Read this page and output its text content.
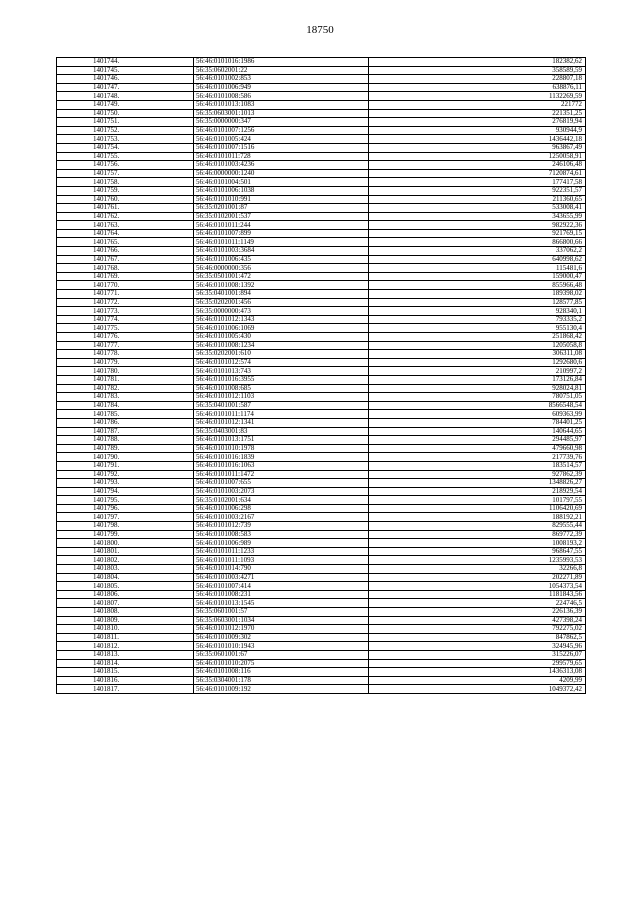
18750
1401744.	56:46:0101016:1986	182382,62
1401745.	56:35:0602001:22	358589,59
1401746.	56:46:0101002:853	228807,18
1401747.	56:46:0101006:949	638876,11
1401748.	56:46:0101008:586	1132269,59
1401749.	56:46:0101013:1083	221772
1401750.	56:35:0603001:1013	221351,25
1401751.	56:35:0000000:347	276819,94
1401752.	56:46:0101007:1256	930944,9
1401753.	56:46:0101005:424	1436442,18
1401754.	56:46:0101007:1516	963867,49
1401755.	56:46:0101011:728	1250058,91
1401756.	56:46:0101003:4236	246106,48
1401757.	56:46:0000000:1240	7120874,61
1401758.	56:46:0101004:501	177417,58
1401759.	56:46:0101006:1038	922351,57
1401760.	56:46:0101010:991	211360,65
1401761.	56:35:0201001:87	533008,41
1401762.	56:35:0102001:537	343655,99
1401763.	56:46:0101011:244	982922,36
1401764.	56:46:0101007:899	921769,15
1401765.	56:46:0101011:1149	866800,66
1401766.	56:46:0101003:3684	337062,2
1401767.	56:46:0101006:435	640998,62
1401768.	56:46:0000000:356	115481,6
1401769.	56:35:0501001:472	159000,47
1401770.	56:46:0101008:1392	855966,48
1401771.	56:35:0401001:894	189398,02
1401772.	56:35:0202001:456	128577,85
1401773.	56:35:0000000:473	928340,1
1401774.	56:46:0101012:1343	793335,2
1401775.	56:46:0101006:1069	955130,4
1401776.	56:46:0101005:430	251868,42
1401777.	56:46:0101008:1234	1205058,8
1401778.	56:35:0202001:610	306311,08
1401779.	56:46:0101012:574	1292680,6
1401780.	56:46:0101013:743	210997,2
1401781.	56:46:0101016:3955	173126,84
1401782.	56:46:0101008:685	928024,81
1401783.	56:46:0101012:1103	780751,05
1401784.	56:35:0401001:587	8566548,54
1401785.	56:46:0101011:1174	609363,99
1401786.	56:46:0101012:1341	784401,25
1401787.	56:35:0403001:83	140644,65
1401788.	56:46:0101013:1751	294485,97
1401789.	56:46:0101010:1978	479660,98
1401790.	56:46:0101016:1839	217739,76
1401791.	56:46:0101016:1063	183514,57
1401792.	56:46:0101011:1472	927862,39
1401793.	56:46:0101007:655	1348826,27
1401794.	56:46:0101003:2073	218929,54
1401795.	56:35:0102001:634	101797,55
1401796.	56:46:0101006:298	1106420,69
1401797.	56:46:0101003:2167	188192,21
1401798.	56:46:0101012:739	829555,44
1401799.	56:46:0101008:583	869772,39
1401800.	56:46:0101006:989	1008193,2
1401801.	56:46:0101011:1233	968647,55
1401802.	56:46:0101011:1093	1235993,53
1401803.	56:46:0101014:790	32266,8
1401804.	56:46:0101003:4271	202271,89
1401805.	56:46:0101007:414	1054373,54
1401806.	56:46:0101008:231	1181843,56
1401807.	56:46:0101013:1545	224746,5
1401808.	56:35:0601001:57	226136,39
1401809.	56:35:0603001:1034	427398,24
1401810.	56:46:0101012:1970	792275,02
1401811.	56:46:0101009:302	847862,5
1401812.	56:46:0101010:1943	324945,96
1401813.	56:35:0601001:67	315226,07
1401814.	56:46:0101010:2075	299579,65
1401815.	56:46:0101008:116	1436313,08
1401816.	56:35:0304001:178	4209,99
1401817.	56:46:0101009:192	1049372,42
